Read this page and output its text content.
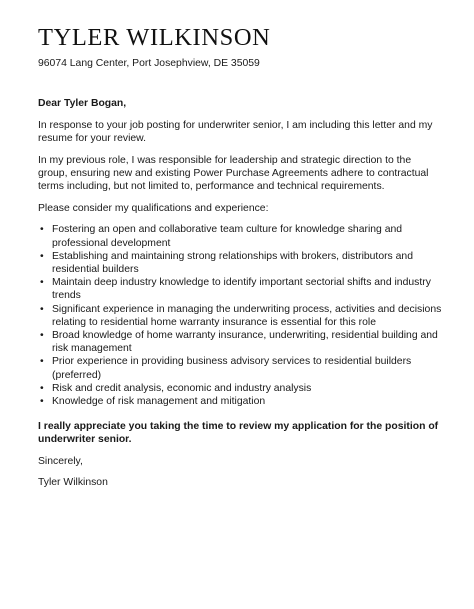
TYLER WILKINSON
96074 Lang Center, Port Josephview, DE 35059

Dear Tyler Bogan,

In response to your job posting for underwriter senior, I am including this letter and my resume for your review.

In my previous role, I was responsible for leadership and strategic direction to the group, ensuring new and existing Power Purchase Agreements adhere to contractual terms including, but not limited to, performance and technical requirements.

Please consider my qualifications and experience:

• Fostering an open and collaborative team culture for knowledge sharing and professional development
• Establishing and maintaining strong relationships with brokers, distributors and residential builders
• Maintain deep industry knowledge to identify important sectorial shifts and industry trends
• Significant experience in managing the underwriting process, activities and decisions relating to residential home warranty insurance is essential for this role
• Broad knowledge of home warranty insurance, underwriting, residential building and risk management
• Prior experience in providing business advisory services to residential builders (preferred)
• Risk and credit analysis, economic and industry analysis
• Knowledge of risk management and mitigation

I really appreciate you taking the time to review my application for the position of underwriter senior.

Sincerely,

Tyler Wilkinson
